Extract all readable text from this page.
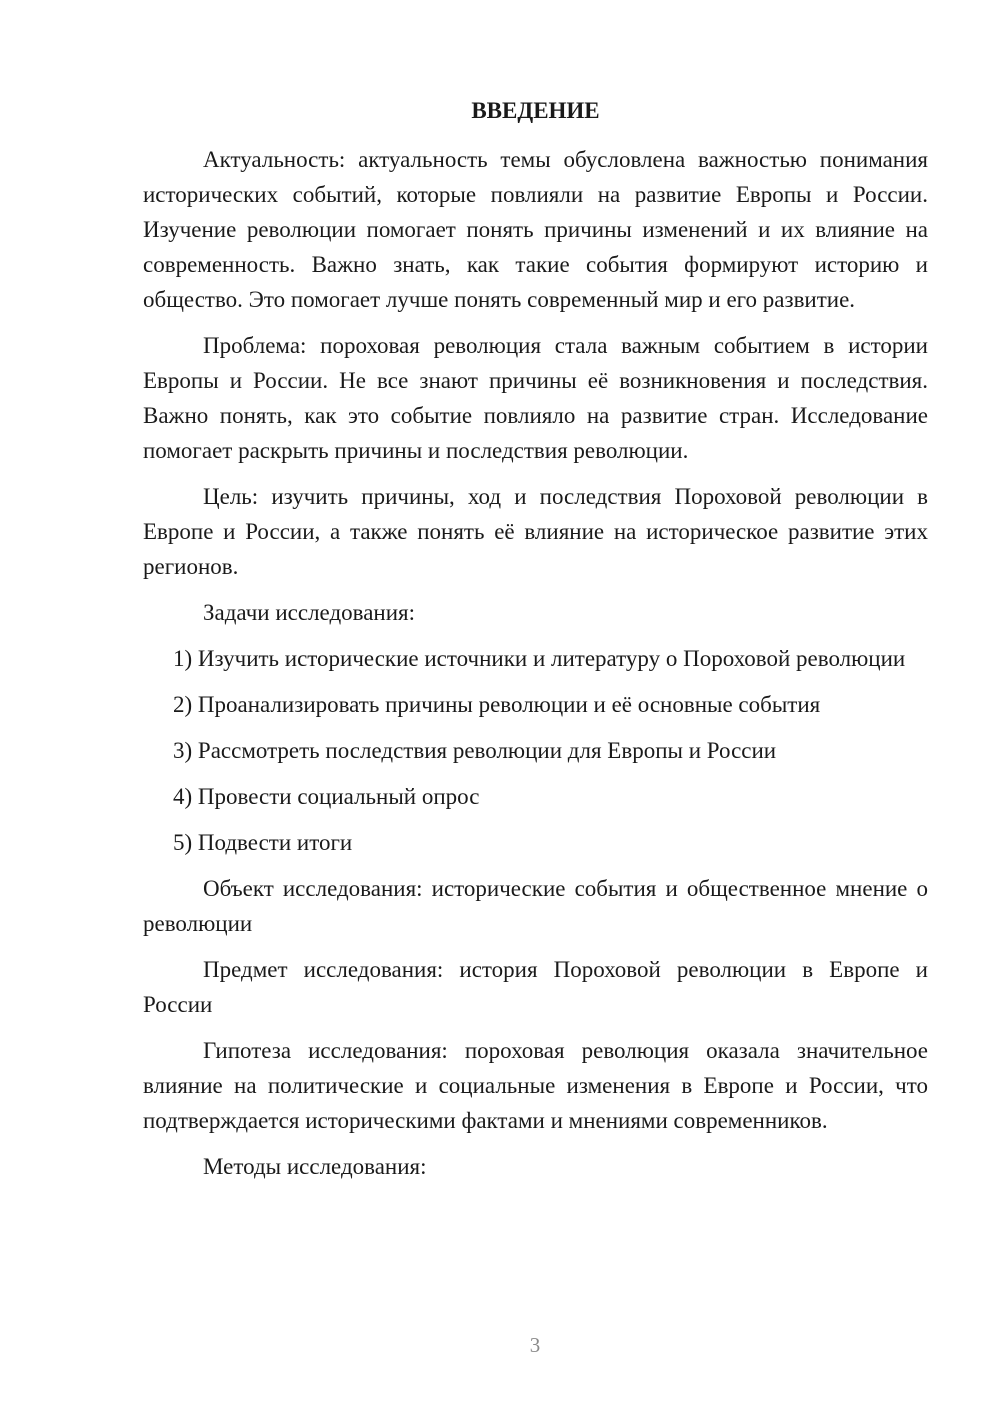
ВВЕДЕНИЕ

Актуальность: актуальность темы обусловлена важностью понимания исторических событий, которые повлияли на развитие Европы и России. Изучение революции помогает понять причины изменений и их влияние на современность. Важно знать, как такие события формируют историю и общество. Это помогает лучше понять современный мир и его развитие.

Проблема: пороховая революция стала важным событием в истории Европы и России. Не все знают причины её возникновения и последствия. Важно понять, как это событие повлияло на развитие стран. Исследование помогает раскрыть причины и последствия революции.

Цель: изучить причины, ход и последствия Пороховой революции в Европе и России, а также понять её влияние на историческое развитие этих регионов.

Задачи исследования:

1) Изучить исторические источники и литературу о Пороховой революции

2) Проанализировать причины революции и её основные события

3) Рассмотреть последствия революции для Европы и России

4) Провести социальный опрос

5) Подвести итоги

Объект исследования: исторические события и общественное мнение о революции

Предмет исследования: история Пороховой революции в Европе и России

Гипотеза исследования: пороховая революция оказала значительное влияние на политические и социальные изменения в Европе и России, что подтверждается историческими фактами и мнениями современников.

Методы исследования:

3
